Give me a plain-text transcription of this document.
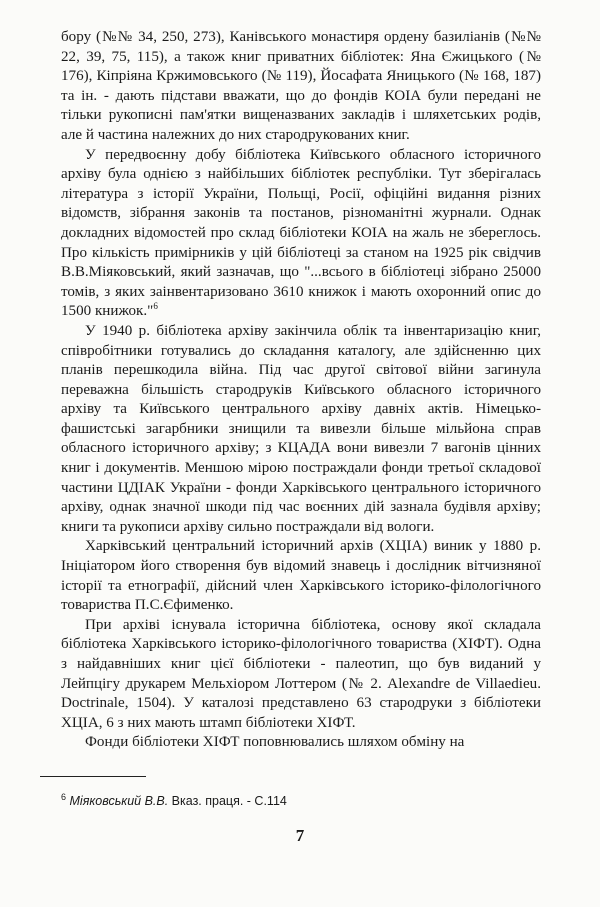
бору (№№ 34, 250, 273), Канівського монастиря ордену базиліанів (№№ 22, 39, 75, 115), а також книг приватних бібліотек: Яна Єжицького (№ 176), Кіпріяна Кржимовського (№ 119), Йосафата Яницького (№ 168, 187) та ін. - дають підстави вважати, що до фондів КОІА були передані не тільки рукописні пам'ятки вищеназваних закладів і шляхетських родів, але й частина належних до них стародрукованих книг.

У передвоєнну добу бібліотека Київського обласного історичного архіву була однією з найбільших бібліотек республіки. Тут зберігалась література з історії України, Польщі, Росії, офіційні видання різних відомств, зібрання законів та постанов, різноманітні журнали. Однак докладних відомостей про склад бібліотеки КОІА на жаль не збереглось. Про кількість примірників у цій бібліотеці за станом на 1925 рік свідчив В.В.Міяковський, який зазначав, що "...всього в бібліотеці зібрано 25000 томів, з яких заінвентаризовано 3610 книжок і мають охоронний опис до 1500 книжок."$^6$

У 1940 р. бібліотека архіву закінчила облік та інвентаризацію книг, співробітники готувались до складання каталогу, але здійсненню цих планів перешкодила війна. Під час другої світової війни загинула переважна більшість стародруків Київського обласного історичного архіву та Київського центрального архіву давніх актів. Німецько-фашистські загарбники знищили та вивезли більше мільйона справ обласного історичного архіву; з КЦАДА вони вивезли 7 вагонів цінних книг і документів. Меншою мірою постраждали фонди третьої складової частини ЦДІАК України - фонди Харківського центрального історичного архіву, однак значної шкоди під час воєнних дій зазнала будівля архіву; книги та рукописи архіву сильно постраждали від вологи.

Харківський центральний історичний архів (ХЦІА) виник у 1880 р. Ініціатором його створення був відомий знавець і дослідник вітчизняної історії та етнографії, дійсний член Харківського історико-філологічного товариства П.С.Єфименко.

При архіві існувала історична бібліотека, основу якої складала бібліотека Харківського історико-філологічного товариства (ХІФТ). Одна з найдавніших книг цієї бібліотеки - палеотип, що був виданий у Лейпцігу друкарем Мельхіором Лоттером (№ 2. Alexandre de Villaedieu. Doctrinale, 1504). У каталозі представлено 63 стародруки з бібліотеки ХЦІА, 6 з них мають штамп бібліотеки ХІФТ.

Фонди бібліотеки ХІФТ поповнювались шляхом обміну на

$^6$ Міяковський В.В. Вказ. праця. - С.114
7
